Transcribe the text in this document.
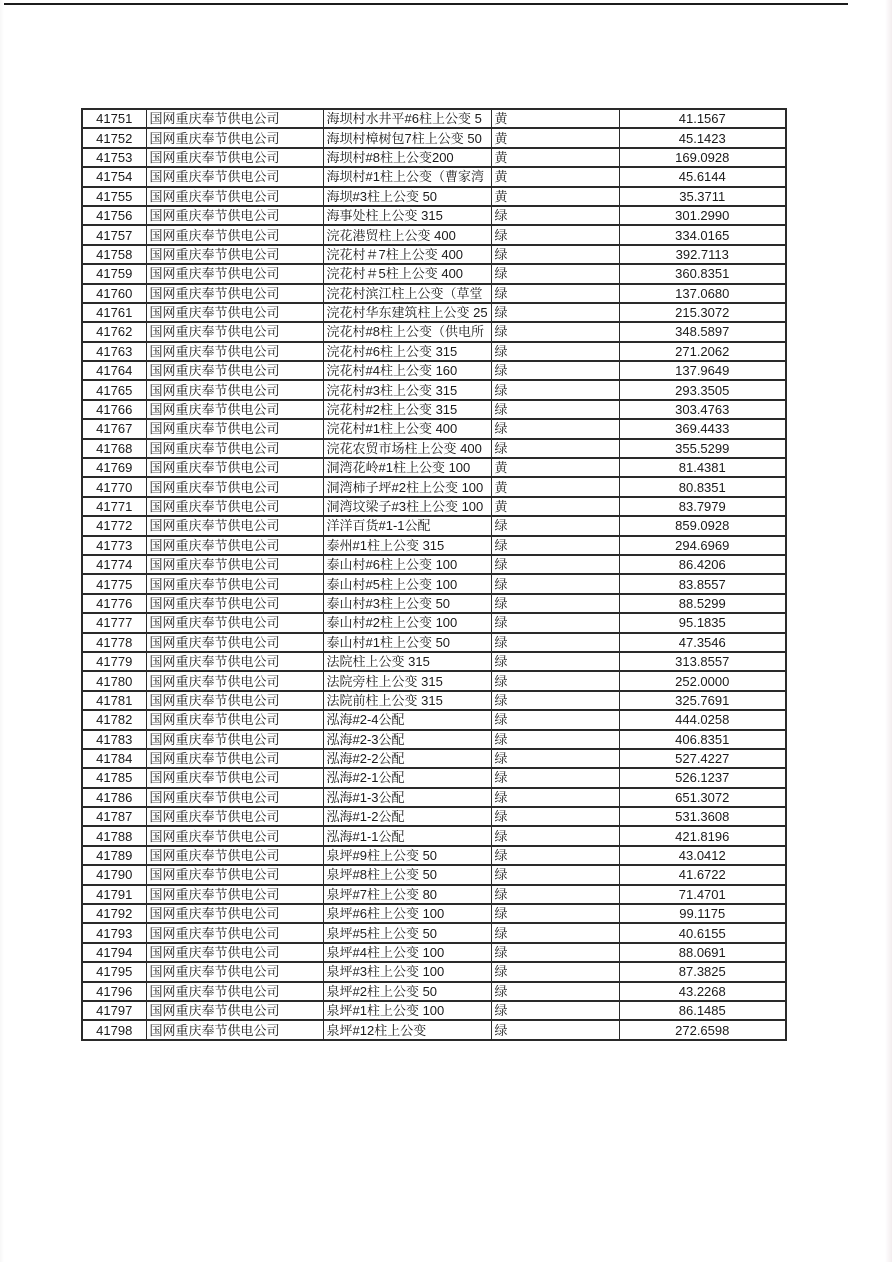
41751	国网重庆奉节供电公司	海坝村水井平#6柱上公变 5	黄	41.1567
41752	国网重庆奉节供电公司	海坝村樟树包7柱上公变 50	黄	45.1423
41753	国网重庆奉节供电公司	海坝村#8柱上公变200	黄	169.0928
41754	国网重庆奉节供电公司	海坝村#1柱上公变（曹家湾	黄	45.6144
41755	国网重庆奉节供电公司	海坝#3柱上公变 50	黄	35.3711
41756	国网重庆奉节供电公司	海事处柱上公变 315	绿	301.2990
41757	国网重庆奉节供电公司	浣花港贸柱上公变 400	绿	334.0165
41758	国网重庆奉节供电公司	浣花村＃7柱上公变 400	绿	392.7113
41759	国网重庆奉节供电公司	浣花村＃5柱上公变 400	绿	360.8351
41760	国网重庆奉节供电公司	浣花村滨江柱上公变（草堂	绿	137.0680
41761	国网重庆奉节供电公司	浣花村华东建筑柱上公变 25	绿	215.3072
41762	国网重庆奉节供电公司	浣花村#8柱上公变（供电所	绿	348.5897
41763	国网重庆奉节供电公司	浣花村#6柱上公变 315	绿	271.2062
41764	国网重庆奉节供电公司	浣花村#4柱上公变 160	绿	137.9649
41765	国网重庆奉节供电公司	浣花村#3柱上公变 315	绿	293.3505
41766	国网重庆奉节供电公司	浣花村#2柱上公变 315	绿	303.4763
41767	国网重庆奉节供电公司	浣花村#1柱上公变 400	绿	369.4433
41768	国网重庆奉节供电公司	浣花农贸市场柱上公变 400	绿	355.5299
41769	国网重庆奉节供电公司	洞湾花岭#1柱上公变 100	黄	81.4381
41770	国网重庆奉节供电公司	洞湾柿子坪#2柱上公变 100	黄	80.8351
41771	国网重庆奉节供电公司	洞湾坟梁子#3柱上公变 100	黄	83.7979
41772	国网重庆奉节供电公司	洋洋百货#1-1公配	绿	859.0928
41773	国网重庆奉节供电公司	泰州#1柱上公变 315	绿	294.6969
41774	国网重庆奉节供电公司	泰山村#6柱上公变 100	绿	86.4206
41775	国网重庆奉节供电公司	泰山村#5柱上公变 100	绿	83.8557
41776	国网重庆奉节供电公司	泰山村#3柱上公变 50	绿	88.5299
41777	国网重庆奉节供电公司	泰山村#2柱上公变 100	绿	95.1835
41778	国网重庆奉节供电公司	泰山村#1柱上公变 50	绿	47.3546
41779	国网重庆奉节供电公司	法院柱上公变 315	绿	313.8557
41780	国网重庆奉节供电公司	法院旁柱上公变 315	绿	252.0000
41781	国网重庆奉节供电公司	法院前柱上公变 315	绿	325.7691
41782	国网重庆奉节供电公司	泓海#2-4公配	绿	444.0258
41783	国网重庆奉节供电公司	泓海#2-3公配	绿	406.8351
41784	国网重庆奉节供电公司	泓海#2-2公配	绿	527.4227
41785	国网重庆奉节供电公司	泓海#2-1公配	绿	526.1237
41786	国网重庆奉节供电公司	泓海#1-3公配	绿	651.3072
41787	国网重庆奉节供电公司	泓海#1-2公配	绿	531.3608
41788	国网重庆奉节供电公司	泓海#1-1公配	绿	421.8196
41789	国网重庆奉节供电公司	泉坪#9柱上公变 50	绿	43.0412
41790	国网重庆奉节供电公司	泉坪#8柱上公变 50	绿	41.6722
41791	国网重庆奉节供电公司	泉坪#7柱上公变 80	绿	71.4701
41792	国网重庆奉节供电公司	泉坪#6柱上公变 100	绿	99.1175
41793	国网重庆奉节供电公司	泉坪#5柱上公变 50	绿	40.6155
41794	国网重庆奉节供电公司	泉坪#4柱上公变 100	绿	88.0691
41795	国网重庆奉节供电公司	泉坪#3柱上公变 100	绿	87.3825
41796	国网重庆奉节供电公司	泉坪#2柱上公变 50	绿	43.2268
41797	国网重庆奉节供电公司	泉坪#1柱上公变 100	绿	86.1485
41798	国网重庆奉节供电公司	泉坪#12柱上公变	绿	272.6598
